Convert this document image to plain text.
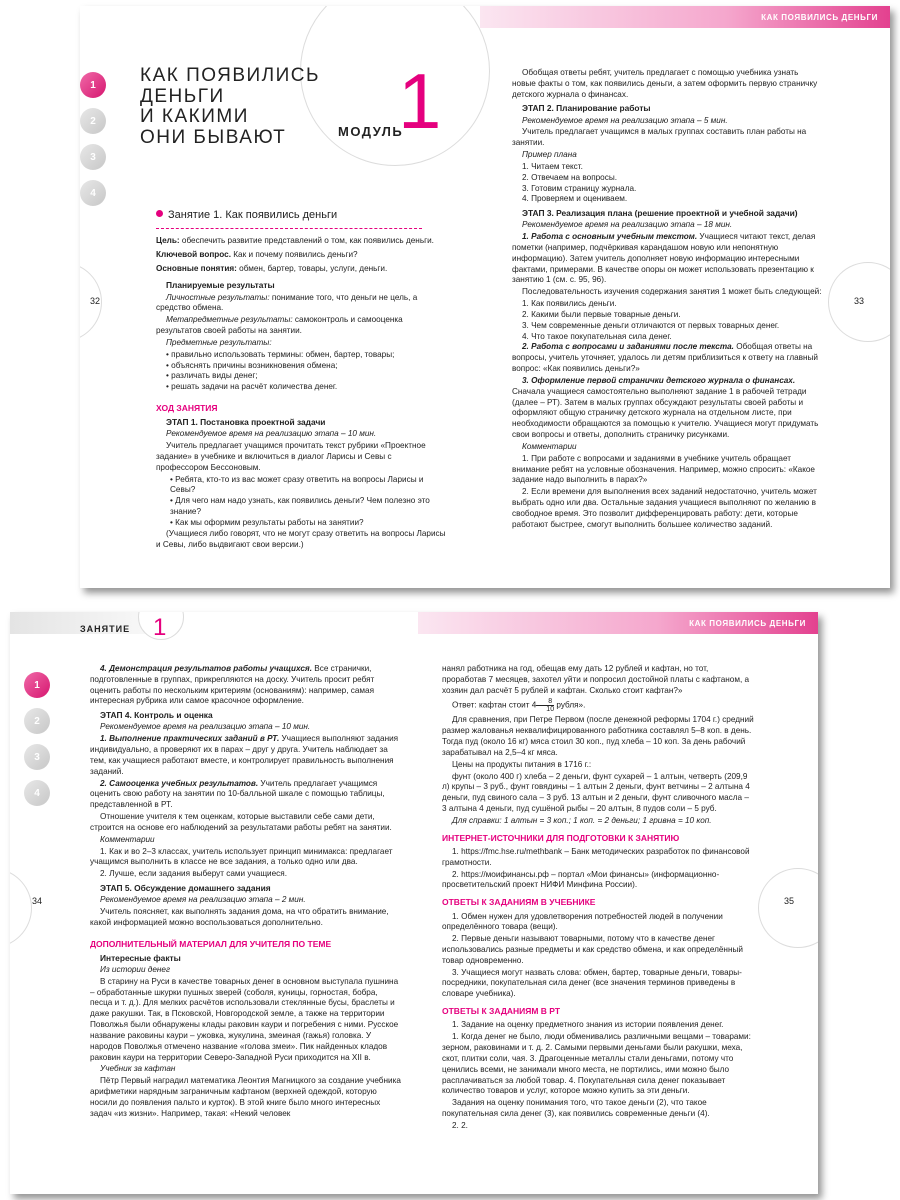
КАК ПОЯВИЛИСЬ ДЕНЬГИ
1
2
3
4
КАК ПОЯВИЛИСЬ
ДЕНЬГИ
И КАКИМИ
ОНИ БЫВАЮТ	МОДУЛЬ
1
32	33
Занятие 1. Как появились деньги

Цель: обеспечить развитие представлений о том, как появились деньги.

Ключевой вопрос. Как и почему появились деньги?

Основные понятия: обмен, бартер, товары, услуги, деньги.

Планируемые результаты

Личностные результаты: понимание того, что деньги не цель, а средство обмена.

Метапредметные результаты: самоконтроль и самооценка результатов своей работы на занятии.

Предметные результаты:

• правильно использовать термины: обмен, бартер, товары;
• объяснять причины возникновения обмена;
• различать виды денег;
• решать задачи на расчёт количества денег.
ХОД ЗАНЯТИЯ
ЭТАП 1. Постановка проектной задачи

Рекомендуемое время на реализацию этапа – 10 мин.

Учитель предлагает учащимся прочитать текст рубрики «Проектное задание» в учебнике и включиться в диалог Ларисы и Севы с профессором Бессоновым.

• Ребята, кто-то из вас может сразу ответить на вопросы Ларисы и Севы?
• Для чего нам надо узнать, как появились деньги? Чем полезно это знание?
• Как мы оформим результаты работы на занятии?

(Учащиеся либо говорят, что не могут сразу ответить на вопросы Ларисы и Севы, либо выдвигают свои версии.)

Обобщая ответы ребят, учитель предлагает с помощью учебника узнать новые факты о том, как появились деньги, а затем оформить первую страничку детского журнала о финансах.

ЭТАП 2. Планирование работы

Рекомендуемое время на реализацию этапа – 5 мин.

Учитель предлагает учащимся в малых группах составить план работы на занятии.

Пример плана

1. Читаем текст.
2. Отвечаем на вопросы.
3. Готовим страницу журнала.
4. Проверяем и оцениваем.
ЭТАП 3. Реализация плана (решение проектной и учебной задачи)

Рекомендуемое время на реализацию этапа – 18 мин.

1. Работа с основным учебным текстом. Учащиеся читают текст, делая пометки (например, подчёркивая карандашом новую или непонятную информацию). Затем учитель дополняет новую информацию интересными фактами, примерами. В качестве опоры он может использовать презентацию к занятию 1 (см. с. 95, 96).

Последовательность изучения содержания занятия 1 может быть следующей:

1. Как появились деньги.
2. Какими были первые товарные деньги.
3. Чем современные деньги отличаются от первых товарных денег.
4. Что такое покупательная сила денег.

2. Работа с вопросами и заданиями после текста. Обобщая ответы на вопросы, учитель уточняет, удалось ли детям приблизиться к ответу на главный вопрос: «Как появились деньги?»

3. Оформление первой странички детского журнала о финансах. Сначала учащиеся самостоятельно выполняют задание 1 в рабочей тетради (далее – РТ). Затем в малых группах обсуждают результаты своей работы и оформляют общую страничку детского журнала на отдельном листе, при необходимости обращаются за помощью к учителю. Учащиеся могут придумать свои вопросы и ответы, дополнить страничку рисунками.

Комментарии

1. При работе с вопросами и заданиями в учебнике учитель обращает внимание ребят на условные обозначения. Например, можно спросить: «Какое задание надо выполнить в парах?»

2. Если времени для выполнения всех заданий недостаточно, учитель может выбрать одно или два. Остальные задания учащиеся выполняют по желанию в свободное время. Это позволит дифференцировать работу: дети, которые работают быстрее, смогут выполнить большее количество заданий.

КАК ПОЯВИЛИСЬ ДЕНЬГИ
ЗАНЯТИЕ 1
1
2
3
4
34	35

4. Демонстрация результатов работы учащихся. Все странички, подготовленные в группах, прикрепляются на доску. Учитель просит ребят оценить работы по нескольким критериям (основаниям): например, самая интересная рубрика или самое красочное оформление.

ЭТАП 4. Контроль и оценка

Рекомендуемое время на реализацию этапа – 10 мин.

1. Выполнение практических заданий в РТ. Учащиеся выполняют задания индивидуально, а проверяют их в парах – друг у друга. Учитель наблюдает за тем, как учащиеся работают вместе, и контролирует правильность выполнения заданий.

2. Самооценка учебных результатов. Учитель предлагает учащимся оценить свою работу на занятии по 10-балльной шкале с помощью таблицы, представленной в РТ.

Отношение учителя к тем оценкам, которые выставили себе сами дети, строится на основе его наблюдений за результатами работы ребят на занятии.

Комментарии

1. Как и во 2–3 классах, учитель использует принцип минимакса: предлагает учащимся выполнить в классе не все задания, а только одно или два.

2. Лучше, если задания выберут сами учащиеся.

ЭТАП 5. Обсуждение домашнего задания

Рекомендуемое время на реализацию этапа – 2 мин.

Учитель поясняет, как выполнять задания дома, на что обратить внимание, какой информацией можно воспользоваться дополнительно.

ДОПОЛНИТЕЛЬНЫЙ МАТЕРИАЛ ДЛЯ УЧИТЕЛЯ ПО ТЕМЕ
Интересные факты

Из истории денег

В старину на Руси в качестве товарных денег в основном выступала пушнина – обработанные шкурки пушных зверей (соболя, куницы, горностая, бобра, песца и т. д.). Для мелких расчётов использовали стеклянные бусы, браслеты и даже ракушки. Так, в Псковской, Новгородской земле, а также на территории Поволжья были обнаружены клады раковин каури и погребения с ними. Русское название раковины каури – ужовка, жукулина, змеиная (гажья) головка. У народов Поволжья отмечено название «голова змеи». Пик найденных кладов раковин каури на территории Северо-Западной Руси приходится на XII в.

Учебник за кафтан

Пётр Первый наградил математика Леонтия Магницкого за создание учебника арифметики нарядным заграничным кафтаном (верхней одеждой, которую носили до появления пальто и курток). В этой книге было много интересных задач «из жизни». Например, такая: «Некий человек

нанял работника на год, обещав ему дать 12 рублей и кафтан, но тот, проработав 7 месяцев, захотел уйти и попросил достойной платы с кафтаном, а хозяин дал расчёт 5 рублей и кафтан. Сколько стоит кафтан?»

Ответ: кафтан стоит $4 \frac{8}{10}$ рубля».

Для сравнения, при Петре Первом (после денежной реформы 1704 г.) средний размер жалованья неквалифицированного работника составлял 5–8 коп. в день. Тогда пуд (около 16 кг) мяса стоил 30 коп., пуд хлеба – 10 коп. За день рабочий зарабатывал на 2,5–4 кг мяса.

Цены на продукты питания в 1716 г.:

фунт (около 400 г) хлеба – 2 деньги, фунт сухарей – 1 алтын, четверть (209,9 л) крупы – 3 руб., фунт говядины – 1 алтын 2 деньги, фунт ветчины – 2 алтына 4 деньги, пуд свиного сала – 3 руб. 13 алтын и 2 деньги, фунт сливочного масла – 3 алтына 4 деньги, пуд сушёной рыбы – 20 алтын, 8 пудов соли – 5 руб.

Для справки: 1 алтын = 3 коп.; 1 коп. = 2 деньги; 1 гривна = 10 коп.

ИНТЕРНЕТ-ИСТОЧНИКИ ДЛЯ ПОДГОТОВКИ К ЗАНЯТИЮ

1. https://fmc.hse.ru/methbank – Банк методических разработок по финансовой грамотности.

2. https://моифинансы.рф – портал «Мои финансы» (информационно-просветительский проект НИФИ Минфина России).

ОТВЕТЫ К ЗАДАНИЯМ В УЧЕБНИКЕ

1. Обмен нужен для удовлетворения потребностей людей в получении определённого товара (вещи).

2. Первые деньги называют товарными, потому что в качестве денег использовались разные предметы и как средство обмена, и как определённый товар одновременно.

3. Учащиеся могут назвать слова: обмен, бартер, товарные деньги, товары-посредники, покупательная сила денег (все значения терминов приведены в словаре учебника).

ОТВЕТЫ К ЗАДАНИЯМ В РТ

1. Задание на оценку предметного знания из истории появления денег.

1. Когда денег не было, люди обменивались различными вещами – товарами: зерном, раковинами и т. д. 2. Самыми первыми деньгами были ракушки, меха, скот, плитки соли, чая. 3. Драгоценные металлы стали деньгами, потому что ценились всеми, не занимали много места, не портились, ими можно было расплачиваться за любой товар. 4. Покупательная сила денег показывает количество товаров и услуг, которое можно купить за эти деньги.

Задания на оценку понимания того, что такое деньги (2), что такое покупательная сила денег (3), как появились современные деньги (4).

2. 2.
